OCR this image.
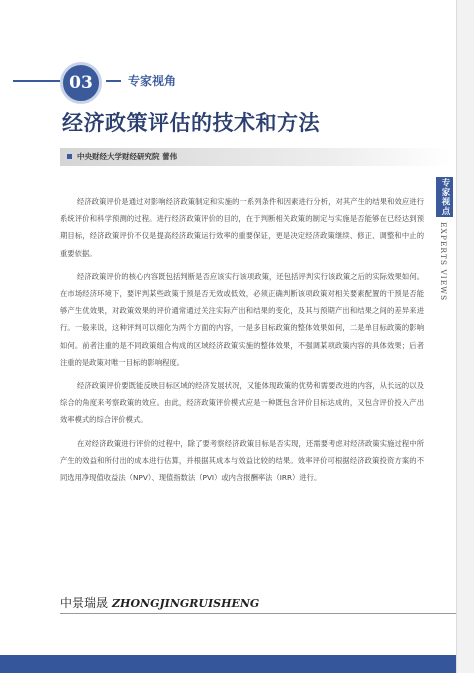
03	专家视角
经济政策评估的技术和方法
中央财经大学财经研究院 蕾伟

经济政策评价是通过对影响经济政策制定和实施的一系列条件和因素进行分析，对其产生的结果和效应进行系统评价和科学预测的过程。进行经济政策评价的目的，在于判断相关政策的制定与实施是否能够在已经达到预期目标，经济政策评价不仅是提高经济政策运行效率的重要保证，更是决定经济政策继续、修正、调整和中止的重要依据。

经济政策评价的核心内容既包括判断是否应该实行该项政策，还包括评判实行该政策之后的实际效果如何。在市场经济环境下，要评判某些政策于预是否无效或低效，必须正确判断该项政策对相关要素配置的干预是否能够产生优效果，对政策效果的评价通常通过关注实际产出和结果的变化，及其与预期产出和结果之间的差异来进行。一般来说，这种评判可以细化为两个方面的内容，一是多目标政策的整体效果如何，二是单目标政策的影响如何。前者注重的是不同政策组合构成的区域经济政策实施的整体效果，不强调某项政策内容的具体效果；后者注重的是政策对唯一目标的影响程度。

经济政策评价要既能反映目标区域的经济发展状况，又能体现政策的优势和需要改进的内容，从长远的以及综合的角度来考察政策的效应。由此，经济政策评价模式应是一种既包含评价目标达成的，又包含评价投入产出效率模式的综合评价模式。

在对经济政策进行评价的过程中，除了要考察经济政策目标是否实现，还需要考虑对经济政策实施过程中所产生的效益和所付出的成本进行估算，并根据其成本与效益比较的结果。效率评价可根据经济政策投资方案的不同选用净现值收益法（NPV）、现值指数法（PVI）或内含报酬率法（IRR）进行。

中景瑞晟 ZHONGJINGRUISHENG
专家视点
EXPERTS VIEWS
